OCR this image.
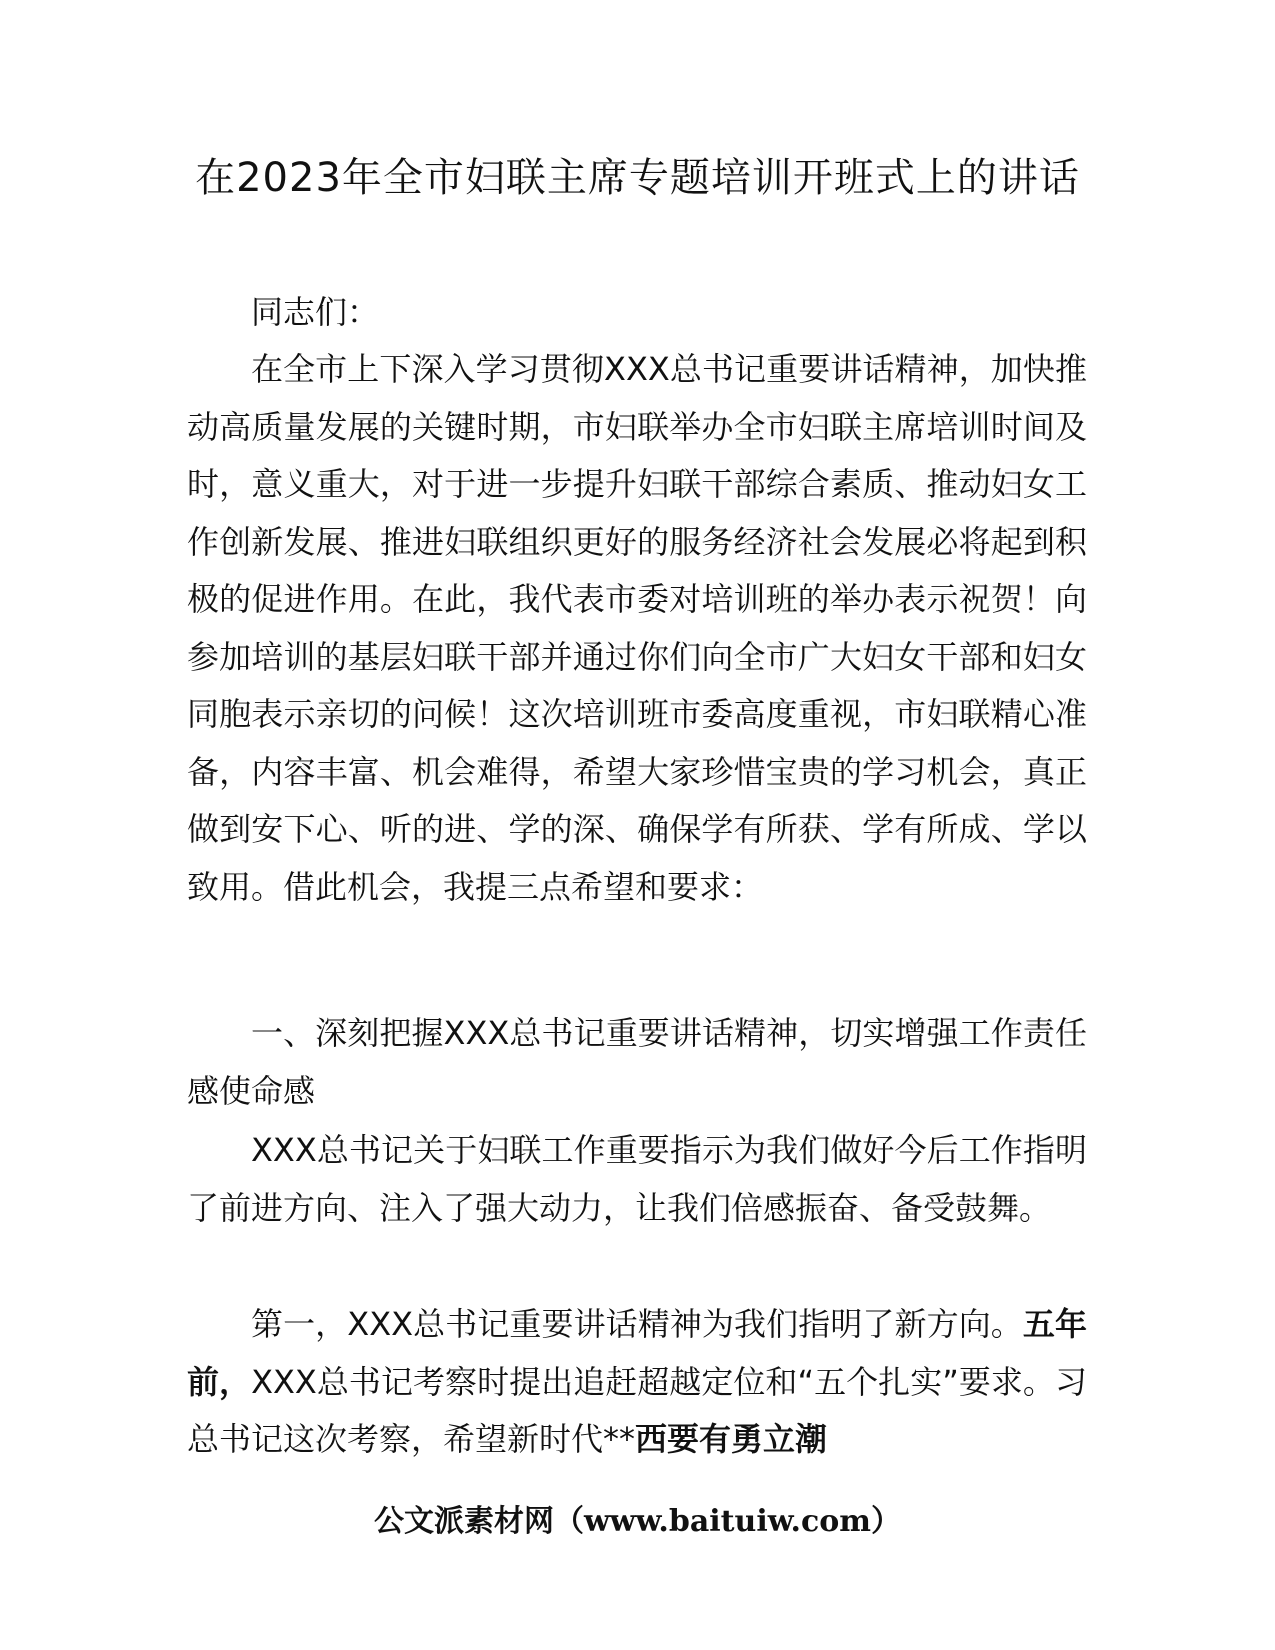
在2023年全市妇联主席专题培训开班式上的讲话

同志们：

在全市上下深入学习贯彻XXX总书记重要讲话精神，加快推动高质量发展的关键时期，市妇联举办全市妇联主席培训时间及时，意义重大，对于进一步提升妇联干部综合素质、推动妇女工作创新发展、推进妇联组织更好的服务经济社会发展必将起到积极的促进作用。在此，我代表市委对培训班的举办表示祝贺！向参加培训的基层妇联干部并通过你们向全市广大妇女干部和妇女同胞表示亲切的问候！这次培训班市委高度重视，市妇联精心准备，内容丰富、机会难得，希望大家珍惜宝贵的学习机会，真正做到安下心、听的进、学的深、确保学有所获、学有所成、学以致用。借此机会，我提三点希望和要求：

一、深刻把握XXX总书记重要讲话精神，切实增强工作责任感使命感

XXX总书记关于妇联工作重要指示为我们做好今后工作指明了前进方向、注入了强大动力，让我们倍感振奋、备受鼓舞。

第一，XXX总书记重要讲话精神为我们指明了新方向。五年前，XXX总书记考察时提出追赶超越定位和“五个扎实”要求。习总书记这次考察，希望新时代**西要有勇立潮

公文派素材网（www.baituiw.com）
